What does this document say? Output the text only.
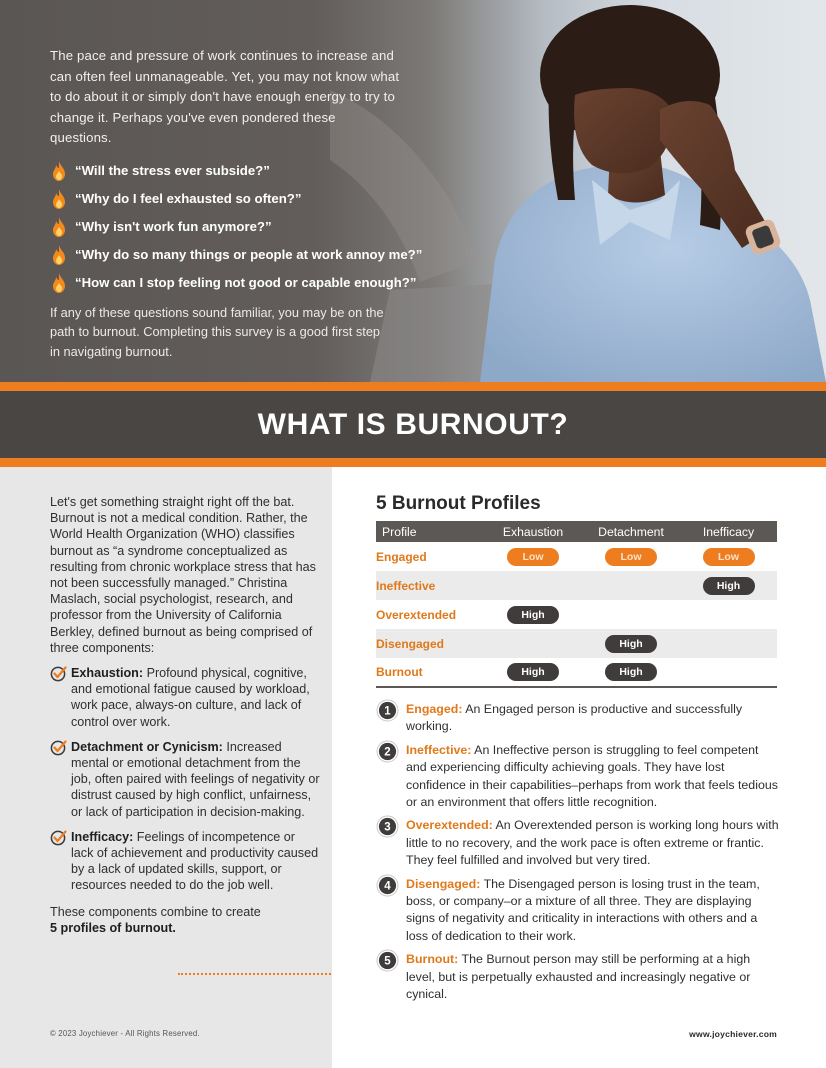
The pace and pressure of work continues to increase and can often feel unmanageable. Yet, you may not know what to do about it or simply don't have enough energy to try to change it. Perhaps you've even pondered these questions.

“Will the stress ever subside?”
“Why do I feel exhausted so often?”
“Why isn't work fun anymore?”
“Why do so many things or people at work annoy me?”
“How can I stop feeling not good or capable enough?”

If any of these questions sound familiar, you may be on the path to burnout. Completing this survey is a good first step in navigating burnout.

WHAT IS BURNOUT?

Let's get something straight right off the bat. Burnout is not a medical condition. Rather, the World Health Organization (WHO) classifies burnout as “a syndrome conceptualized as resulting from chronic workplace stress that has not been successfully managed.” Christina Maslach, social psychologist, research, and professor from the University of California Berkley, defined burnout as being comprised of three components:

Exhaustion: Profound physical, cognitive, and emotional fatigue caused by workload, work pace, always-on culture, and lack of control over work.
Detachment or Cynicism: Increased mental or emotional detachment from the job, often paired with feelings of negativity or distrust caused by high conflict, unfairness, or lack of participation in decision-making.
Inefficacy: Feelings of incompetence or lack of achievement and productivity caused by a lack of updated skills, support, or resources needed to do the job well.

These components combine to create
5 profiles of burnout.

© 2023 Joychiever - All Rights Reserved.
5 Burnout Profiles
Profile	Exhaustion	Detachment	Inefficacy
Engaged	Low	Low	Low
Ineffective			High
Overextended	High		
Disengaged		High	
Burnout	High	High	
1 Engaged: An Engaged person is productive and successfully working.
2 Ineffective: An Ineffective person is struggling to feel competent and experiencing difficulty achieving goals. They have lost confidence in their capabilities–perhaps from work that feels tedious or an environment that offers little recognition.
3 Overextended: An Overextended person is working long hours with little to no recovery, and the work pace is often extreme or frantic. They feel fulfilled and involved but very tired.
4 Disengaged: The Disengaged person is losing trust in the team, boss, or company–or a mixture of all three. They are displaying signs of negativity and criticality in interactions with others and a loss of dedication to their work.
5 Burnout: The Burnout person may still be performing at a high level, but is perpetually exhausted and increasingly negative or cynical.
www.joychiever.com
